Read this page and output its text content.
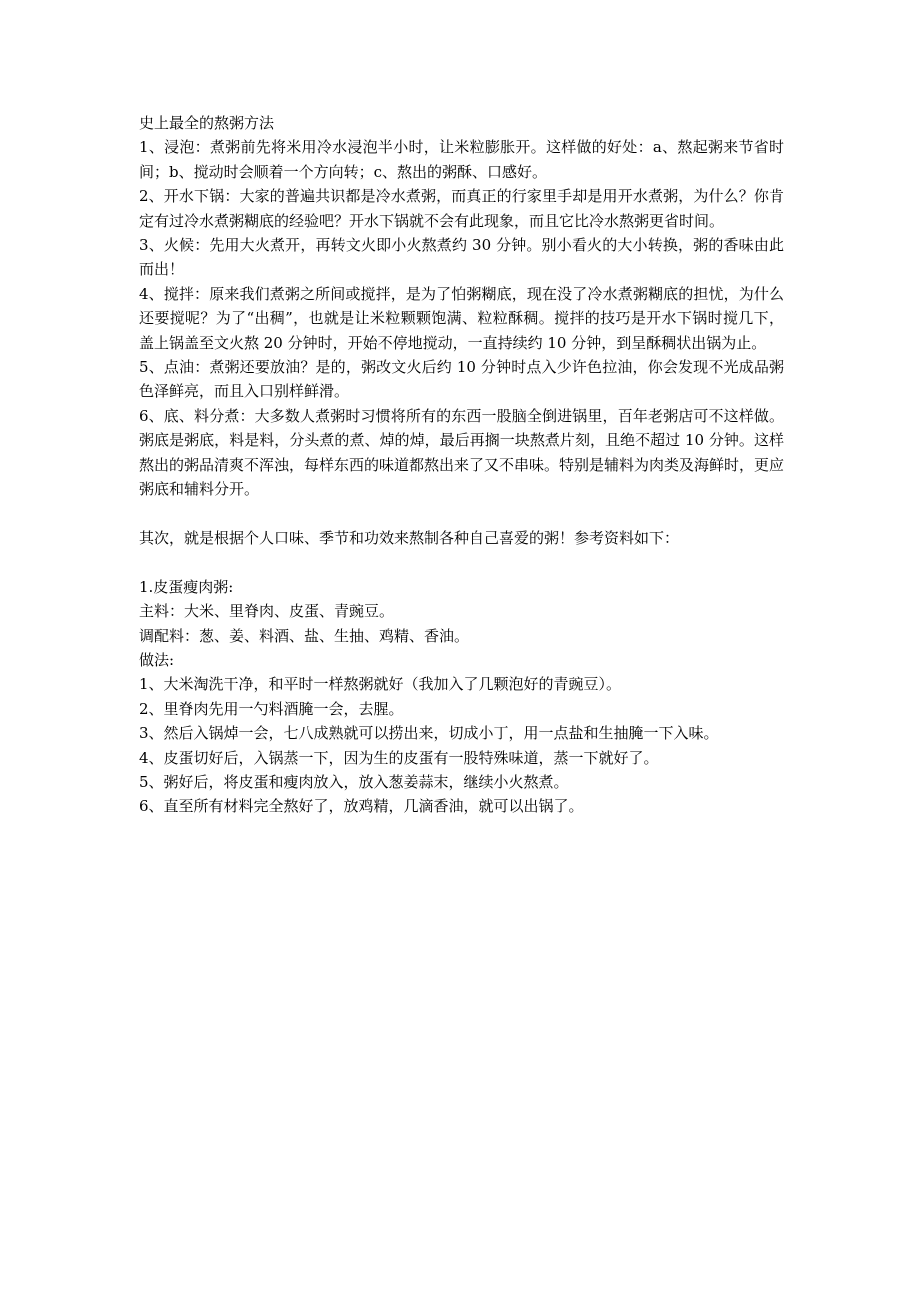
史上最全的熬粥方法

1、浸泡：煮粥前先将米用冷水浸泡半小时，让米粒膨胀开。这样做的好处：a、熬起粥来节省时间；b、搅动时会顺着一个方向转；c、熬出的粥酥、口感好。

2、开水下锅：大家的普遍共识都是冷水煮粥，而真正的行家里手却是用开水煮粥，为什么？你肯定有过冷水煮粥糊底的经验吧？开水下锅就不会有此现象，而且它比冷水熬粥更省时间。

3、火候：先用大火煮开，再转文火即小火熬煮约 30 分钟。别小看火的大小转换，粥的香味由此而出！

4、搅拌：原来我们煮粥之所间或搅拌，是为了怕粥糊底，现在没了冷水煮粥糊底的担忧，为什么还要搅呢？为了“出稠”，也就是让米粒颗颗饱满、粒粒酥稠。搅拌的技巧是开水下锅时搅几下，盖上锅盖至文火熬 20 分钟时，开始不停地搅动，一直持续约 10 分钟，到呈酥稠状出锅为止。

5、点油：煮粥还要放油？是的，粥改文火后约 10 分钟时点入少许色拉油，你会发现不光成品粥色泽鲜亮，而且入口别样鲜滑。

6、底、料分煮：大多数人煮粥时习惯将所有的东西一股脑全倒进锅里，百年老粥店可不这样做。粥底是粥底，料是料，分头煮的煮、焯的焯，最后再搁一块熬煮片刻，且绝不超过 10 分钟。这样熬出的粥品清爽不浑浊，每样东西的味道都熬出来了又不串味。特别是辅料为肉类及海鲜时，更应粥底和辅料分开。

其次，就是根据个人口味、季节和功效来熬制各种自己喜爱的粥！参考资料如下：

1.皮蛋瘦肉粥:

主料：大米、里脊肉、皮蛋、青豌豆。

调配料：葱、姜、料酒、盐、生抽、鸡精、香油。

做法:

1、大米淘洗干净，和平时一样熬粥就好（我加入了几颗泡好的青豌豆）。

2、里脊肉先用一勺料酒腌一会，去腥。

3、然后入锅焯一会，七八成熟就可以捞出来，切成小丁，用一点盐和生抽腌一下入味。

4、皮蛋切好后，入锅蒸一下，因为生的皮蛋有一股特殊味道，蒸一下就好了。

5、粥好后，将皮蛋和瘦肉放入，放入葱姜蒜末，继续小火熬煮。

6、直至所有材料完全熬好了，放鸡精，几滴香油，就可以出锅了。
